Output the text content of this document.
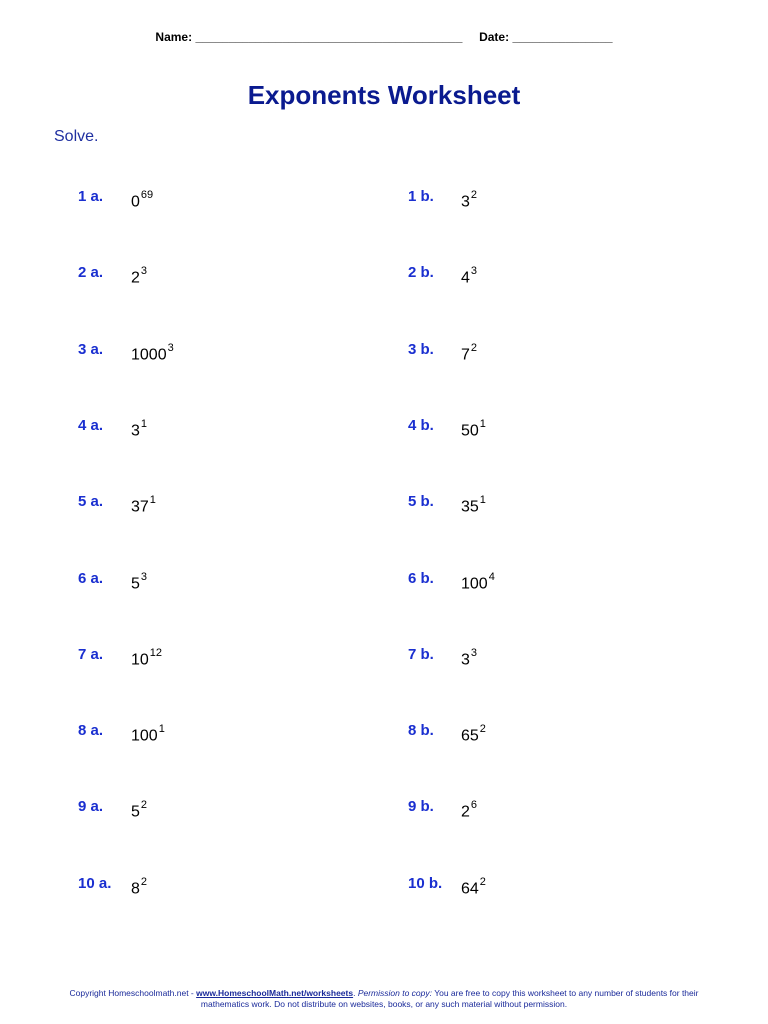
Name: ________________________________________ Date: _______________
Exponents Worksheet
Solve.
1 a. $0^{69}$	1 b. $3^2$
2 a. $2^3$	2 b. $4^3$
3 a. 1000$^3$	3 b. $7^2$
4 a. $3^1$	4 b. $50^1$
5 a. $37^1$	5 b. $35^1$
6 a. $5^3$	6 b. $100^4$
7 a. $10^{12}$	7 b. $3^3$
8 a. $100^1$	8 b. $65^2$
9 a. $5^2$	9 b. $2^6$
10 a. $8^2$	10 b. $64^2$
Copyright Homeschoolmath.net - www.HomeschoolMath.net/worksheets. Permission to copy: You are free to copy this worksheet to any number of students for their mathematics work. Do not distribute on websites, books, or any such material without permission.
